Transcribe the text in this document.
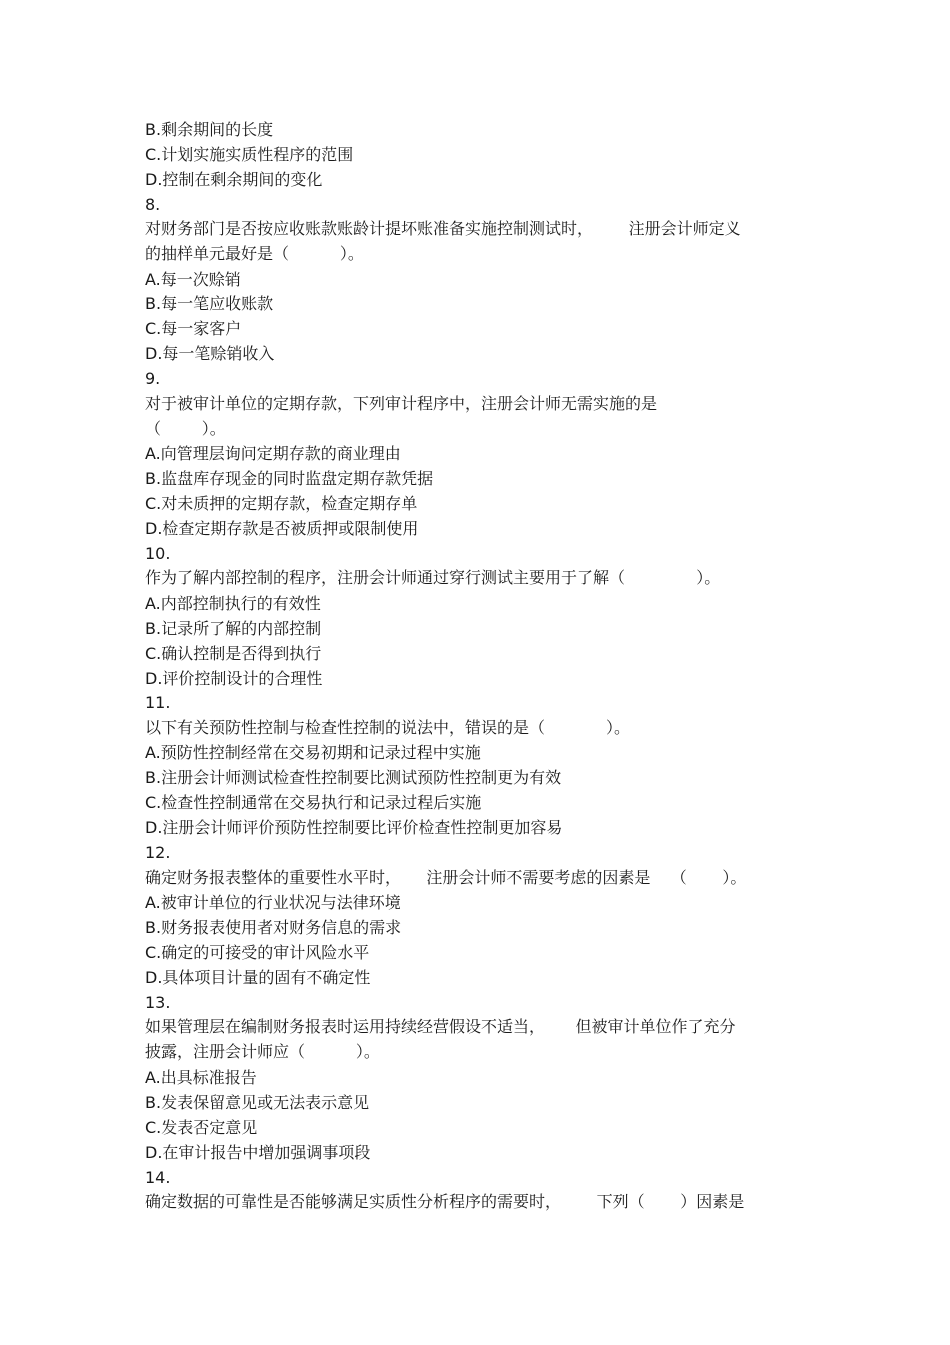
B.剩余期间的长度
C.计划实施实质性程序的范围
D.控制在剩余期间的变化
8.
对财务部门是否按应收账款账龄计提坏账准备实施控制测试时，       注册会计师定义
的抽样单元最好是（          ）。
A.每一次赊销
B.每一笔应收账款
C.每一家客户
D.每一笔赊销收入
9.
对于被审计单位的定期存款，下列审计程序中，注册会计师无需实施的是
（        ）。
A.向管理层询问定期存款的商业理由
B.监盘库存现金的同时监盘定期存款凭据
C.对未质押的定期存款，检查定期存单
D.检查定期存款是否被质押或限制使用
10.
作为了解内部控制的程序，注册会计师通过穿行测试主要用于了解（              ）。
A.内部控制执行的有效性
B.记录所了解的内部控制
C.确认控制是否得到执行
D.评价控制设计的合理性
11.
以下有关预防性控制与检查性控制的说法中，错误的是（            ）。
A.预防性控制经常在交易初期和记录过程中实施
B.注册会计师测试检查性控制要比测试预防性控制更为有效
C.检查性控制通常在交易执行和记录过程后实施
D.注册会计师评价预防性控制要比评价检查性控制更加容易
12.
确定财务报表整体的重要性水平时，     注册会计师不需要考虑的因素是    （       ）。
A.被审计单位的行业状况与法律环境
B.财务报表使用者对财务信息的需求
C.确定的可接受的审计风险水平
D.具体项目计量的固有不确定性
13.
如果管理层在编制财务报表时运用持续经营假设不适当，      但被审计单位作了充分
披露，注册会计师应（          ）。
A.出具标准报告
B.发表保留意见或无法表示意见
C.发表否定意见
D.在审计报告中增加强调事项段
14.
确定数据的可靠性是否能够满足实质性分析程序的需要时，       下列（       ）因素是
